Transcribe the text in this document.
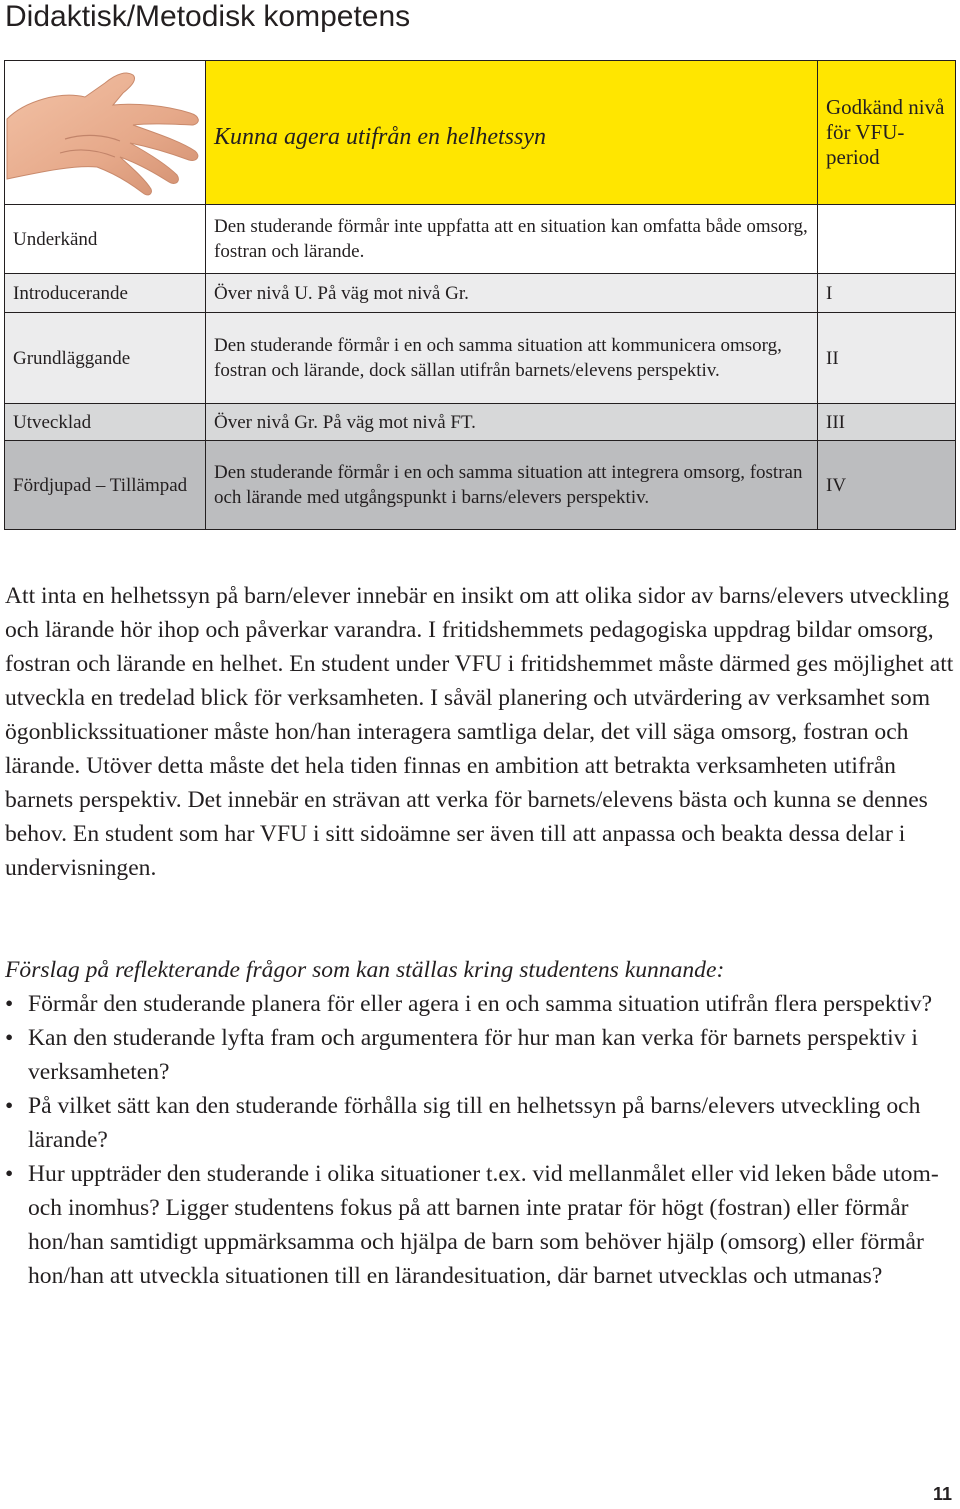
Didaktisk/Metodisk kompetens
	Kunna agera utifrån en helhetssyn	Godkänd nivå för VFU-period
Underkänd	Den studerande förmår inte uppfatta att en situation kan omfatta både omsorg, fostran och lärande.	
Introducerande	Över nivå U. På väg mot nivå Gr.	I
Grundläggande	Den studerande förmår i en och samma situation att kommunicera omsorg, fostran och lärande, dock sällan utifrån barnets/elevens perspektiv.	II
Utvecklad	Över nivå Gr. På väg mot nivå FT.	III
Fördjupad – Tillämpad	Den studerande förmår i en och samma situation att integrera omsorg, fostran och lärande med utgångspunkt i barns/elevers perspektiv.	IV

Att inta en helhetssyn på barn/elever innebär en insikt om att olika sidor av barns/elevers utveckling och lärande hör ihop och påverkar varandra. I fritidshemmets pedagogiska uppdrag bildar omsorg, fostran och lärande en helhet. En student under VFU i fritidshemmet måste därmed ges möjlighet att utveckla en tredelad blick för verksamheten. I såväl planering och utvärdering av verksamhet som ögonblickssituationer måste hon/han interagera samtliga delar, det vill säga omsorg, fostran och lärande. Utöver detta måste det hela tiden finnas en ambition att betrakta verksamheten utifrån barnets perspektiv. Det innebär en strävan att verka för barnets/elevens bästa och kunna se dennes behov. En student som har VFU i sitt sidoämne ser även till att anpassa och beakta dessa delar i undervisningen.

Förslag på reflekterande frågor som kan ställas kring studentens kunnande:
• Förmår den studerande planera för eller agera i en och samma situation utifrån flera perspektiv?
• Kan den studerande lyfta fram och argumentera för hur man kan verka för barnets perspektiv i verksamheten?
• På vilket sätt kan den studerande förhålla sig till en helhetssyn på barns/elevers utveckling och lärande?
• Hur uppträder den studerande i olika situationer t.ex. vid mellanmålet eller vid leken både utom- och inomhus? Ligger studentens fokus på att barnen inte pratar för högt (fostran) eller förmår hon/han samtidigt uppmärksamma och hjälpa de barn som behöver hjälp (omsorg) eller förmår hon/han att utveckla situationen till en lärandesituation, där barnet utvecklas och utmanas?
11
